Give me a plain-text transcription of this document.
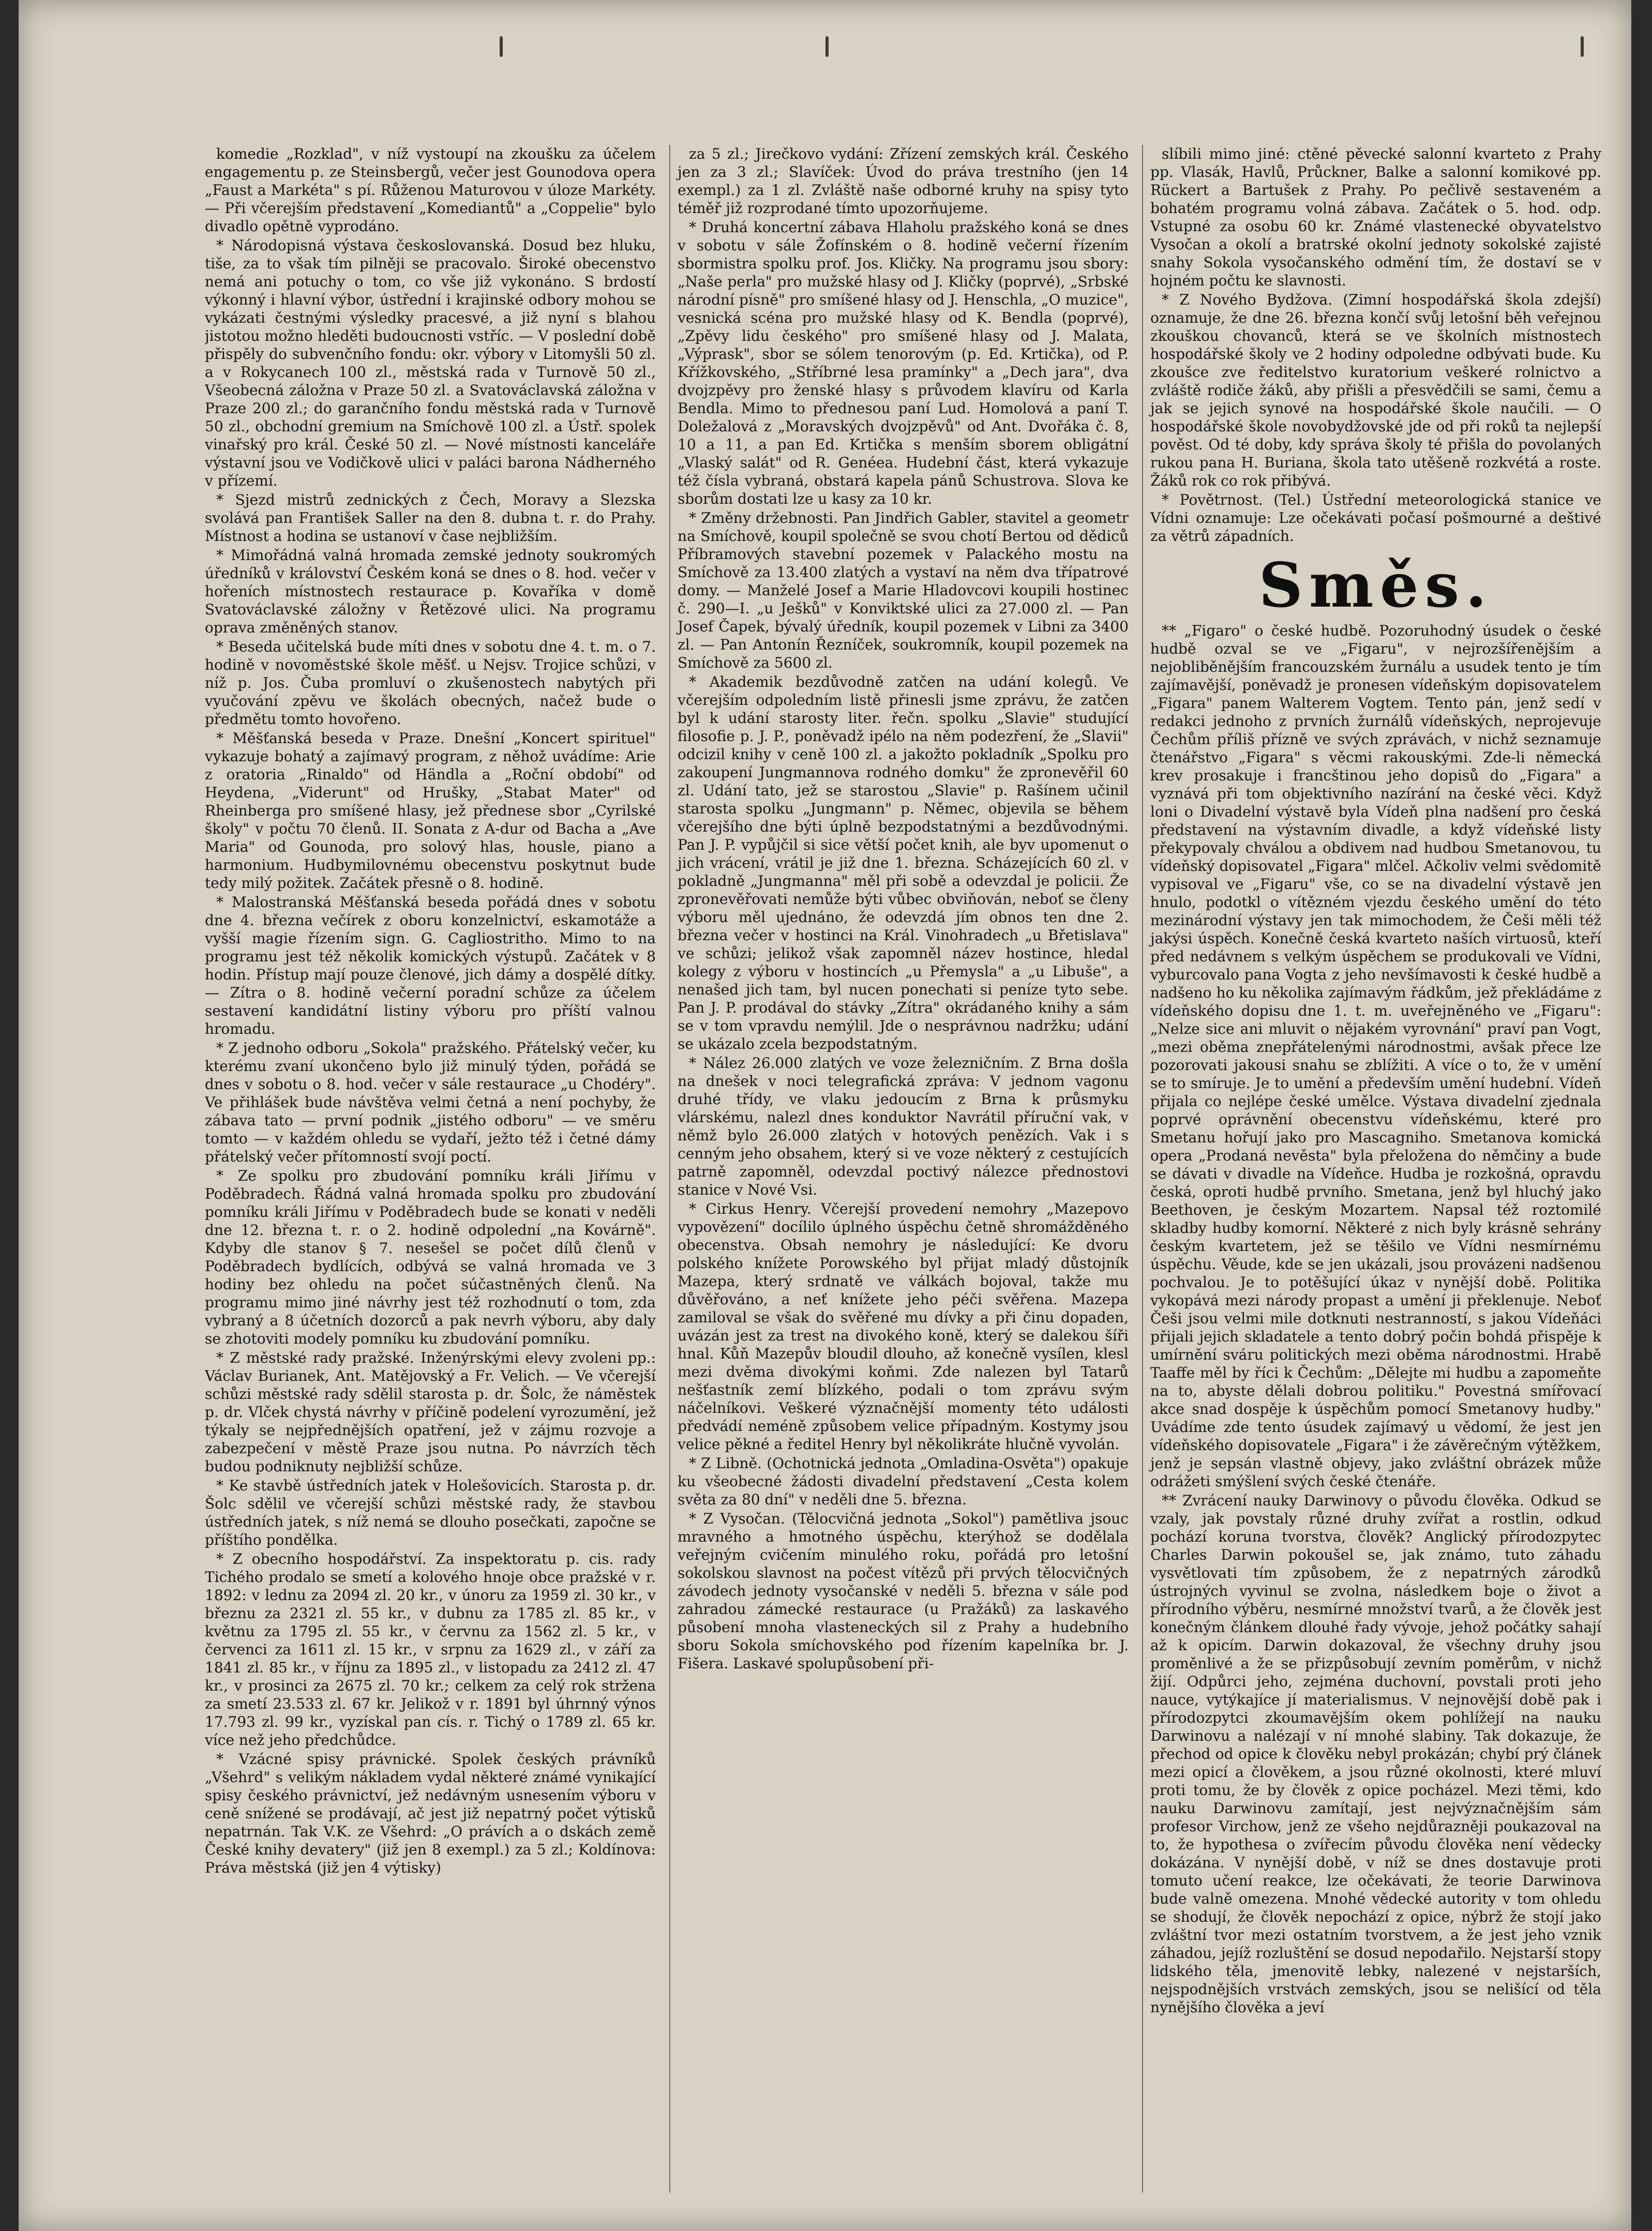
komedie „Rozklad", v níž vystoupí na zkoušku za účelem engagementu p. ze Steinsbergů, večer jest Gounodova opera „Faust a Markéta" s pí. Růženou Maturovou v úloze Markéty. — Při včerejším představení „Komediantů" a „Coppelie" bylo divadlo opětně vyprodáno.

* Národopisná výstava českoslovanská. Dosud bez hluku, tiše, za to však tím pilněji se pracovalo. Široké obecenstvo nemá ani potuchy o tom, co vše již vykonáno. S brdostí výkonný i hlavní výbor, ústřední i krajinské odbory mohou se vykázati čestnými výsledky pracesvé, a již nyní s blahou jistotou možno hleděti budoucnosti vstříc. — V poslední době přispěly do subvenčního fondu: okr. výbory v Litomyšli 50 zl. a v Rokycanech 100 zl., městská rada v Turnově 50 zl., Všeobecná záložna v Praze 50 zl. a Svatováclavská záložna v Praze 200 zl.; do garančního fondu městská rada v Turnově 50 zl., obchodní gremium na Smíchově 100 zl. a Ústř. spolek vinařský pro král. České 50 zl. — Nové místnosti kanceláře výstavní jsou ve Vodičkově ulici v paláci barona Nádherného v přízemí.

* Sjezd mistrů zednických z Čech, Moravy a Slezska svolává pan František Saller na den 8. dubna t. r. do Prahy. Místnost a hodina se ustanoví v čase nejbližším.

* Mimořádná valná hromada zemské jednoty soukromých úředníků v království Českém koná se dnes o 8. hod. večer v hořeních místnostech restaurace p. Kovaříka v domě Svatováclavské záložny v Řetězové ulici. Na programu oprava změněných stanov.

* Beseda učitelská bude míti dnes v sobotu dne 4. t. m. o 7. hodině v novoměstské škole měšť. u Nejsv. Trojice schůzi, v níž p. Jos. Čuba promluví o zkušenostech nabytých při vyučování zpěvu ve školách obecných, načež bude o předmětu tomto hovořeno.

* Měšťanská beseda v Praze. Dnešní „Koncert spirituel" vykazuje bohatý a zajímavý program, z něhož uvádíme: Arie z oratoria „Rinaldo" od Händla a „Roční období" od Heydena, „Viderunt" od Hrušky, „Stabat Mater" od Rheinberga pro smíšené hlasy, jež přednese sbor „Cyrilské školy" v počtu 70 členů. II. Sonata z A-dur od Bacha a „Ave Maria" od Gounoda, pro solový hlas, housle, piano a harmonium. Hudbymilovnému obecenstvu poskytnut bude tedy milý požitek. Začátek přesně o 8. hodině.

* Malostranská Měšťanská beseda pořádá dnes v sobotu dne 4. března večírek z oboru konzelnictví, eskamotáže a vyšší magie řízením sign. G. Cagliostritho. Mimo to na programu jest též několik komických výstupů. Začátek v 8 hodin. Přístup mají pouze členové, jich dámy a dospělé dítky. — Zítra o 8. hodině večerní poradní schůze za účelem sestavení kandidátní listiny výboru pro příští valnou hromadu.

* Z jednoho odboru „Sokola" pražského. Přátelský večer, ku kterému zvaní ukončeno bylo již minulý týden, pořádá se dnes v sobotu o 8. hod. večer v sále restaurace „u Chodéry". Ve přihlášek bude návštěva velmi četná a není pochyby, že zábava tato — první podnik „jistého odboru" — ve směru tomto — v každém ohledu se vydaří, ježto též i četné dámy přátelský večer přítomností svojí poctí.

* Ze spolku pro zbudování pomníku králi Jiřímu v Poděbradech. Řádná valná hromada spolku pro zbudování pomníku králi Jiřímu v Poděbradech bude se konati v neděli dne 12. března t. r. o 2. hodině odpolední „na Kovárně". Kdyby dle stanov § 7. nesešel se počet dílů členů v Poděbradech bydlících, odbývá se valná hromada ve 3 hodiny bez ohledu na počet súčastněných členů. Na programu mimo jiné návrhy jest též rozhodnutí o tom, zda vybraný a 8 účetních dozorců a pak nevrh výboru, aby daly se zhotoviti modely pomníku ku zbudování pomníku.

* Z městské rady pražské. Inženýrskými elevy zvoleni pp.: Václav Burianek, Ant. Matějovský a Fr. Velich. — Ve včerejší schůzi městské rady sdělil starosta p. dr. Šolc, že náměstek p. dr. Vlček chystá návrhy v příčině podelení vyrozumění, jež týkaly se nejpřednějších opatření, jež v zájmu rozvoje a zabezpečení v městě Praze jsou nutna. Po návrzích těch budou podniknuty nejbližší schůze.

* Ke stavbě ústředních jatek v Holešovicích. Starosta p. dr. Šolc sdělil ve včerejší schůzi městské rady, že stavbou ústředních jatek, s níž nemá se dlouho posečkati, započne se příštího pondělka.

* Z obecního hospodářství. Za inspektoratu p. cis. rady Tichého prodalo se smetí a kolového hnoje obce pražské v r. 1892: v lednu za 2094 zl. 20 kr., v únoru za 1959 zl. 30 kr., v březnu za 2321 zl. 55 kr., v dubnu za 1785 zl. 85 kr., v květnu za 1795 zl. 55 kr., v červnu za 1562 zl. 5 kr., v červenci za 1611 zl. 15 kr., v srpnu za 1629 zl., v září za 1841 zl. 85 kr., v říjnu za 1895 zl., v listopadu za 2412 zl. 47 kr., v prosinci za 2675 zl. 70 kr.; celkem za celý rok stržena za smetí 23.533 zl. 67 kr. Jelikož v r. 1891 byl úhrnný výnos 17.793 zl. 99 kr., vyzískal pan cís. r. Tichý o 1789 zl. 65 kr. více než jeho předchůdce.

* Vzácné spisy právnické. Spolek českých právníků „Všehrd" s velikým nákladem vydal některé známé vynikající spisy českého právnictví, jež nedávným usnesením výboru v ceně snížené se prodávají, ač jest již nepatrný počet výtisků nepatrnán. Tak V.K. ze Všehrd: „O právích a o dskách země České knihy devatery" (již jen 8 exempl.) za 5 zl.; Koldínova: Práva městská (již jen 4 výtisky)

za 5 zl.; Jirečkovo vydání: Zřízení zemských král. Českého jen za 3 zl.; Slavíček: Úvod do práva trestního (jen 14 exempl.) za 1 zl. Zvláště naše odborné kruhy na spisy tyto téměř již rozprodané tímto upozorňujeme.

* Druhá koncertní zábava Hlaholu pražského koná se dnes v sobotu v sále Žofínském o 8. hodině večerní řízením sbormistra spolku prof. Jos. Kličky. Na programu jsou sbory: „Naše perla" pro mužské hlasy od J. Kličky (poprvé), „Srbské národní písně" pro smíšené hlasy od J. Henschla, „O muzice", vesnická scéna pro mužské hlasy od K. Bendla (poprvé), „Zpěvy lidu českého" pro smíšené hlasy od J. Malata, „Výprask", sbor se sólem tenorovým (p. Ed. Krtička), od P. Křížkovského, „Stříbrné lesa pramínky" a „Dech jara", dva dvojzpěvy pro ženské hlasy s průvodem klavíru od Karla Bendla. Mimo to přednesou paní Lud. Homolová a paní T. Doležalová z „Moravských dvojzpěvů" od Ant. Dvořáka č. 8, 10 a 11, a pan Ed. Krtička s menším sborem obligátní „Vlaský salát" od R. Genéea. Hudební část, která vykazuje též čísla vybraná, obstará kapela pánů Schustrova. Slova ke sborům dostati lze u kasy za 10 kr.

* Změny držebnosti. Pan Jindřich Gabler, stavitel a geometr na Smíchově, koupil společně se svou chotí Bertou od dědiců Příbramových stavební pozemek v Palackého mostu na Smíchově za 13.400 zlatých a vystaví na něm dva třípatrové domy. — Manželé Josef a Marie Hladovcovi koupili hostinec č. 290—I. „u Ješků" v Konviktské ulici za 27.000 zl. — Pan Josef Čapek, bývalý úředník, koupil pozemek v Libni za 3400 zl. — Pan Antonín Řezníček, soukromník, koupil pozemek na Smíchově za 5600 zl.

* Akademik bezdůvodně zatčen na udání kolegů. Ve včerejším odpoledním listě přinesli jsme zprávu, že zatčen byl k udání starosty liter. řečn. spolku „Slavie" studující filosofie p. J. P., poněvadž ipélo na něm podezření, že „Slavii" odcizil knihy v ceně 100 zl. a jakožto pokladník „Spolku pro zakoupení Jungmannova rodného domku" že zpronevěřil 60 zl. Udání tato, jež se starostou „Slavie" p. Rašínem učinil starosta spolku „Jungmann" p. Němec, objevila se během včerejšího dne býti úplně bezpodstatnými a bezdůvodnými. Pan J. P. vypůjčil si sice větší počet knih, ale byv upomenut o jich vrácení, vrátil je již dne 1. března. Scházejících 60 zl. v pokladně „Jungmanna" měl při sobě a odevzdal je policii. Že zpronevěřovati nemůže býti vůbec obviňován, neboť se členy výboru měl ujednáno, že odevzdá jím obnos ten dne 2. března večer v hostinci na Král. Vinohradech „u Břetislava" ve schůzi; jelikož však zapomněl název hostince, hledal kolegy z výboru v hostincích „u Přemysla" a „u Libuše", a nenašed jich tam, byl nucen ponechati si peníze tyto sebe. Pan J. P. prodával do stávky „Zítra" okrádaného knihy a sám se v tom vpravdu nemýlil. Jde o nesprávnou nadržku; udání se ukázalo zcela bezpodstatným.

* Nález 26.000 zlatých ve voze železničním. Z Brna došla na dnešek v noci telegrafická zpráva: V jednom vagonu druhé třídy, ve vlaku jedoucím z Brna k průsmyku vlárskému, nalezl dnes konduktor Navrátil příruční vak, v němž bylo 26.000 zlatých v hotových penězích. Vak i s cenným jeho obsahem, který si ve voze některý z cestujících patrně zapomněl, odevzdal poctivý nálezce přednostovi stanice v Nové Vsi.

* Cirkus Henry. Včerejší provedení nemohry „Mazepovo vypovězení" docílilo úplného úspěchu četně shromážděného obecenstva. Obsah nemohry je následující: Ke dvoru polského knížete Porowského byl přijat mladý důstojník Mazepa, který srdnatě ve válkách bojoval, takže mu důvěřováno, a neť knížete jeho péči svěřena. Mazepa zamiloval se však do svěřené mu dívky a při činu dopaden, uvázán jest za trest na divokého koně, který se dalekou šíři hnal. Kůň Mazepův bloudil dlouho, až konečně vysílen, klesl mezi dvěma divokými koňmi. Zde nalezen byl Tatarů nešťastník zemí blízkého, podali o tom zprávu svým náčelníkovi. Veškeré význačnější momenty této události předvádí neméně způsobem velice případným. Kostymy jsou velice pěkné a ředitel Henry byl několikráte hlučně vyvolán.

* Z Libně. (Ochotnická jednota „Omladina-Osvěta") opakuje ku všeobecné žádosti divadelní představení „Cesta kolem světa za 80 dní" v neděli dne 5. března.

* Z Vysočan. (Tělocvičná jednota „Sokol") pamětliva jsouc mravného a hmotného úspěchu, kterýhož se dodělala veřejným cvičením minulého roku, pořádá pro letošní sokolskou slavnost na počest vítězů při prvých tělocvičných závodech jednoty vysočanské v neděli 5. března v sále pod zahradou zámecké restaurace (u Pražáků) za laskavého působení mnoha vlasteneckých sil z Prahy a hudebního sboru Sokola smíchovského pod řízením kapelníka br. J. Fišera. Laskavé spolupůsobení při-

slíbili mimo jiné: ctěné pěvecké salonní kvarteto z Prahy pp. Vlasák, Havlů, Průckner, Balke a salonní komikové pp. Rückert a Bartušek z Prahy. Po pečlivě sestaveném a bohatém programu volná zábava. Začátek o 5. hod. odp. Vstupné za osobu 60 kr. Známé vlastenecké obyvatelstvo Vysočan a okolí a bratrské okolní jednoty sokolské zajisté snahy Sokola vysočanského odmění tím, že dostaví se v hojném počtu ke slavnosti.

* Z Nového Bydžova. (Zimní hospodářská škola zdejší) oznamuje, že dne 26. března končí svůj letošní běh veřejnou zkouškou chovanců, která se ve školních místnostech hospodářské školy ve 2 hodiny odpoledne odbývati bude. Ku zkoušce zve ředitelstvo kuratorium veškeré rolnictvo a zvláště rodiče žáků, aby přišli a přesvědčili se sami, čemu a jak se jejich synové na hospodářské škole naučili. — O hospodářské škole novobydžovské jde od při roků ta nejlepší pověst. Od té doby, kdy správa školy té přišla do povolaných rukou pana H. Buriana, škola tato utěšeně rozkvétá a roste. Žáků rok co rok přibývá.

* Povětrnost. (Tel.) Ústřední meteorologická stanice ve Vídni oznamuje: Lze očekávati počasí pošmourné a deštivé za větrů západních.

Směs.

** „Figaro" o české hudbě. Pozoruhodný úsudek o české hudbě ozval se ve „Figaru", v nejrozšířenějším a nejobliběnějším francouzském žurnálu a usudek tento je tím zajímavější, poněvadž je pronesen vídeňským dopisovatelem „Figara" panem Walterem Vogtem. Tento pán, jenž sedí v redakci jednoho z prvních žurnálů vídeňských, neprojevuje Čechům příliš přízně ve svých zprávách, v nichž seznamuje čtenářstvo „Figara" s věcmi rakouskými. Zde-li německá krev prosakuje i francštinou jeho dopisů do „Figara" a vyznává při tom objektivního nazírání na české věci. Když loni o Divadelní výstavě byla Vídeň plna nadšení pro česká představení na výstavním divadle, a když vídeňské listy překypovaly chválou a obdivem nad hudbou Smetanovou, tu vídeňský dopisovatel „Figara" mlčel. Ačkoliv velmi svědomitě vypisoval ve „Figaru" vše, co se na divadelní výstavě jen hnulo, podotkl o vítězném vjezdu českého umění do této mezinárodní výstavy jen tak mimochodem, že Češi měli též jakýsi úspěch. Konečně česká kvarteto naších virtuosů, kteří před nedávnem s velkým úspěchem se produkovali ve Vídni, vyburcovalo pana Vogta z jeho nevšímavosti k české hudbě a nadšeno ho ku několika zajímavým řádkům, jež překládáme z vídeňského dopisu dne 1. t. m. uveřejněného ve „Figaru": „Nelze sice ani mluvit o nějakém vyrovnání" praví pan Vogt, „mezi oběma znepřátelenými národnostmi, avšak přece lze pozorovati jakousi snahu se zblížiti. A více o to, že v umění se to smíruje. Je to umění a především umění hudební. Vídeň přijala co nejlépe české umělce. Výstava divadelní zjednala poprvé oprávnění obecenstvu vídeňskému, které pro Smetanu hořují jako pro Mascagniho. Smetanova komická opera „Prodaná nevěsta" byla přeložena do němčiny a bude se dávati v divadle na Vídeňce. Hudba je rozkošná, opravdu česká, oproti hudbě prvního. Smetana, jenž byl hluchý jako Beethoven, je českým Mozartem. Napsal též roztomilé skladby hudby komorní. Některé z nich byly krásně sehrány českým kvartetem, jež se těšilo ve Vídni nesmírnému úspěchu. Věude, kde se jen ukázali, jsou provázeni nadšenou pochvalou. Je to potěšující úkaz v nynější době. Politika vykopává mezi národy propast a umění ji překlenuje. Neboť Češi jsou velmi mile dotknuti nestranností, s jakou Vídeňáci přijali jejich skladatele a tento dobrý počin bohdá přispěje k umírnění sváru politických mezi oběma národnostmi. Hrabě Taaffe měl by říci k Čechům: „Dělejte mi hudbu a zapomeňte na to, abyste dělali dobrou politiku." Povestná smířovací akce snad dospěje k úspěchům pomocí Smetanovy hudby." Uvádíme zde tento úsudek zajímavý u vědomí, že jest jen vídeňského dopisovatele „Figara" i že závěrečným výtěžkem, jenž je sepsán vlastně objevy, jako zvláštní obrázek může odrážeti smýšlení svých české čtenáře.

** Zvrácení nauky Darwinovy o původu člověka. Odkud se vzaly, jak povstaly různé druhy zvířat a rostlin, odkud pochází koruna tvorstva, člověk? Anglický přírodozpytec Charles Darwin pokoušel se, jak známo, tuto záhadu vysvětlovati tím způsobem, že z nepatrných zárodků ústrojných vyvinul se zvolna, následkem boje o život a přírodního výběru, nesmírné množství tvarů, a že člověk jest konečným článkem dlouhé řady vývoje, jehož počátky sahají až k opicím. Darwin dokazoval, že všechny druhy jsou proměnlivé a že se přizpůsobují zevním poměrům, v nichž žijí. Odpůrci jeho, zejména duchovní, povstali proti jeho nauce, vytýkajíce jí materialismus. V nejnovější době pak i přírodozpytci zkoumavějším okem pohlížejí na nauku Darwinovu a nalézají v ní mnohé slabiny. Tak dokazuje, že přechod od opice k člověku nebyl prokázán; chybí prý článek mezi opicí a člověkem, a jsou různé okolnosti, které mluví proti tomu, že by člověk z opice pocházel. Mezi těmi, kdo nauku Darwinovu zamítají, jest nejvýznačnějším sám profesor Virchow, jenž ze všeho nejdůrazněji poukazoval na to, že hypothesa o zvířecím původu člověka není vědecky dokázána. V nynější době, v níž se dnes dostavuje proti tomuto učení reakce, lze očekávati, že teorie Darwinova bude valně omezena. Mnohé vědecké autority v tom ohledu se shodují, že člověk nepochází z opice, nýbrž že stojí jako zvláštní tvor mezi ostatním tvorstvem, a že jest jeho vznik záhadou, jejíž rozluštění se dosud nepodařilo. Nejstarší stopy lidského těla, jmenovitě lebky, nalezené v nejstarších, nejspodnějších vrstvách zemských, jsou se nelišící od těla nynějšího člověka a jeví
